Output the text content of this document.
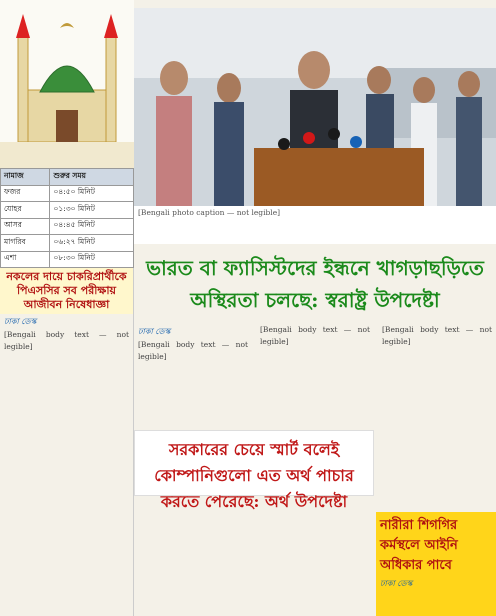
নামাজ	শুরুর সময়
ফজর	০৪:৫০ মিনিট
যোহর	০১:৩০ মিনিট
আসর	০৪:৪৫ মিনিট
মাগরিব	০৬:২৭ মিনিট
এশা	০৮:৩০ মিনিট
নকলের দায়ে চাকরিপ্রার্থীকে পিএসসির সব পরীক্ষায় আজীবন নিষেধাজ্ঞা
ঢাকা ডেস্ক
[Bengali body text — not legible]
[Bengali photo caption — not legible]
ভারত বা ফ্যাসিস্টদের ইন্ধনে খাগড়াছড়িতে অস্থিরতা চলছে: স্বরাষ্ট্র উপদেষ্টা
ঢাকা ডেস্ক
[Bengali body text — not legible]
[Bengali body text — not legible]
[Bengali body text — not legible]
সরকারের চেয়ে স্মার্ট বলেই কোম্পানিগুলো এত অর্থ পাচার করতে পেরেছে: অর্থ উপদেষ্টা
নারীরা শিগগির কর্মস্থলে আইনি অধিকার পাবে
ঢাকা ডেস্ক
